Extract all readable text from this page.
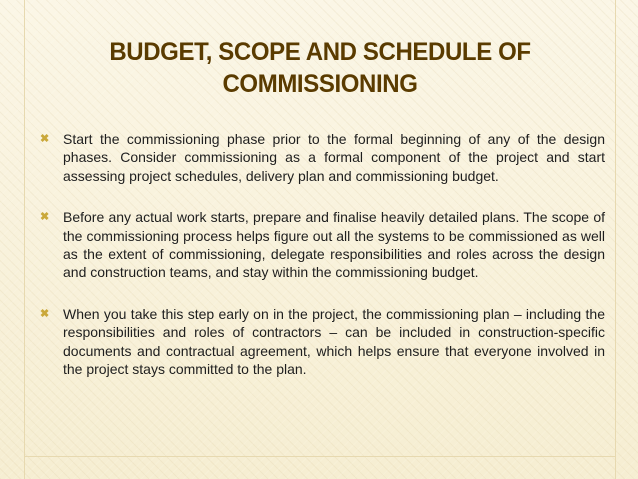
BUDGET, SCOPE AND SCHEDULE OF
COMMISSIONING
✖ Start the commissioning phase prior to the formal beginning of any of the design phases. Consider commissioning as a formal component of the project and start assessing project schedules, delivery plan and commissioning budget.
✖ Before any actual work starts, prepare and finalise heavily detailed plans. The scope of the commissioning process helps figure out all the systems to be commissioned as well as the extent of commissioning, delegate responsibilities and roles across the design and construction teams, and stay within the commissioning budget.
✖ When you take this step early on in the project, the commissioning plan – including the responsibilities and roles of contractors – can be included in construction-specific documents and contractual agreement, which helps ensure that everyone involved in the project stays committed to the plan.
